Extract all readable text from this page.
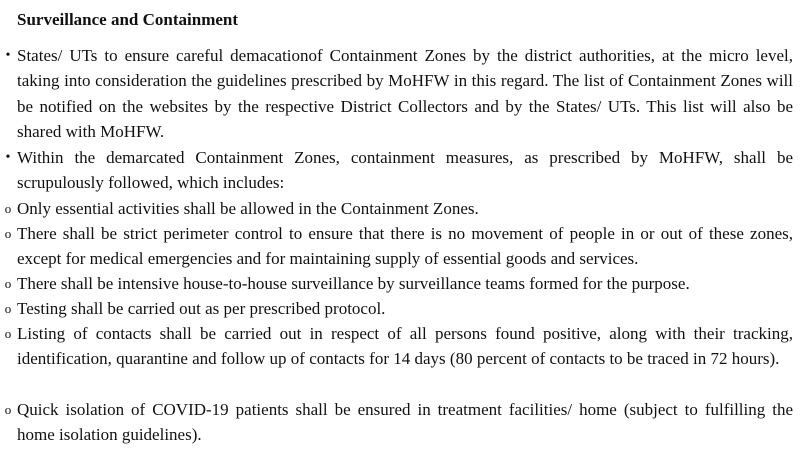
Surveillance and Containment
• States/ UTs to ensure careful demacationof Containment Zones by the district authorities, at the micro level, taking into consideration the guidelines prescribed by MoHFW in this regard. The list of Containment Zones will be notified on the websites by the respective District Collectors and by the States/ UTs. This list will also be shared with MoHFW.

• Within the demarcated Containment Zones, containment measures, as prescribed by MoHFW, shall be scrupulously followed, which includes:

o Only essential activities shall be allowed in the Containment Zones.

o There shall be strict perimeter control to ensure that there is no movement of people in or out of these zones, except for medical emergencies and for maintaining supply of essential goods and services.

o There shall be intensive house-to-house surveillance by surveillance teams formed for the purpose.

o Testing shall be carried out as per prescribed protocol.

o Listing of contacts shall be carried out in respect of all persons found positive, along with their tracking, identification, quarantine and follow up of contacts for 14 days (80 percent of contacts to be traced in 72 hours).

o Quick isolation of COVID-19 patients shall be ensured in treatment facilities/ home (subject to fulfilling the home isolation guidelines).
